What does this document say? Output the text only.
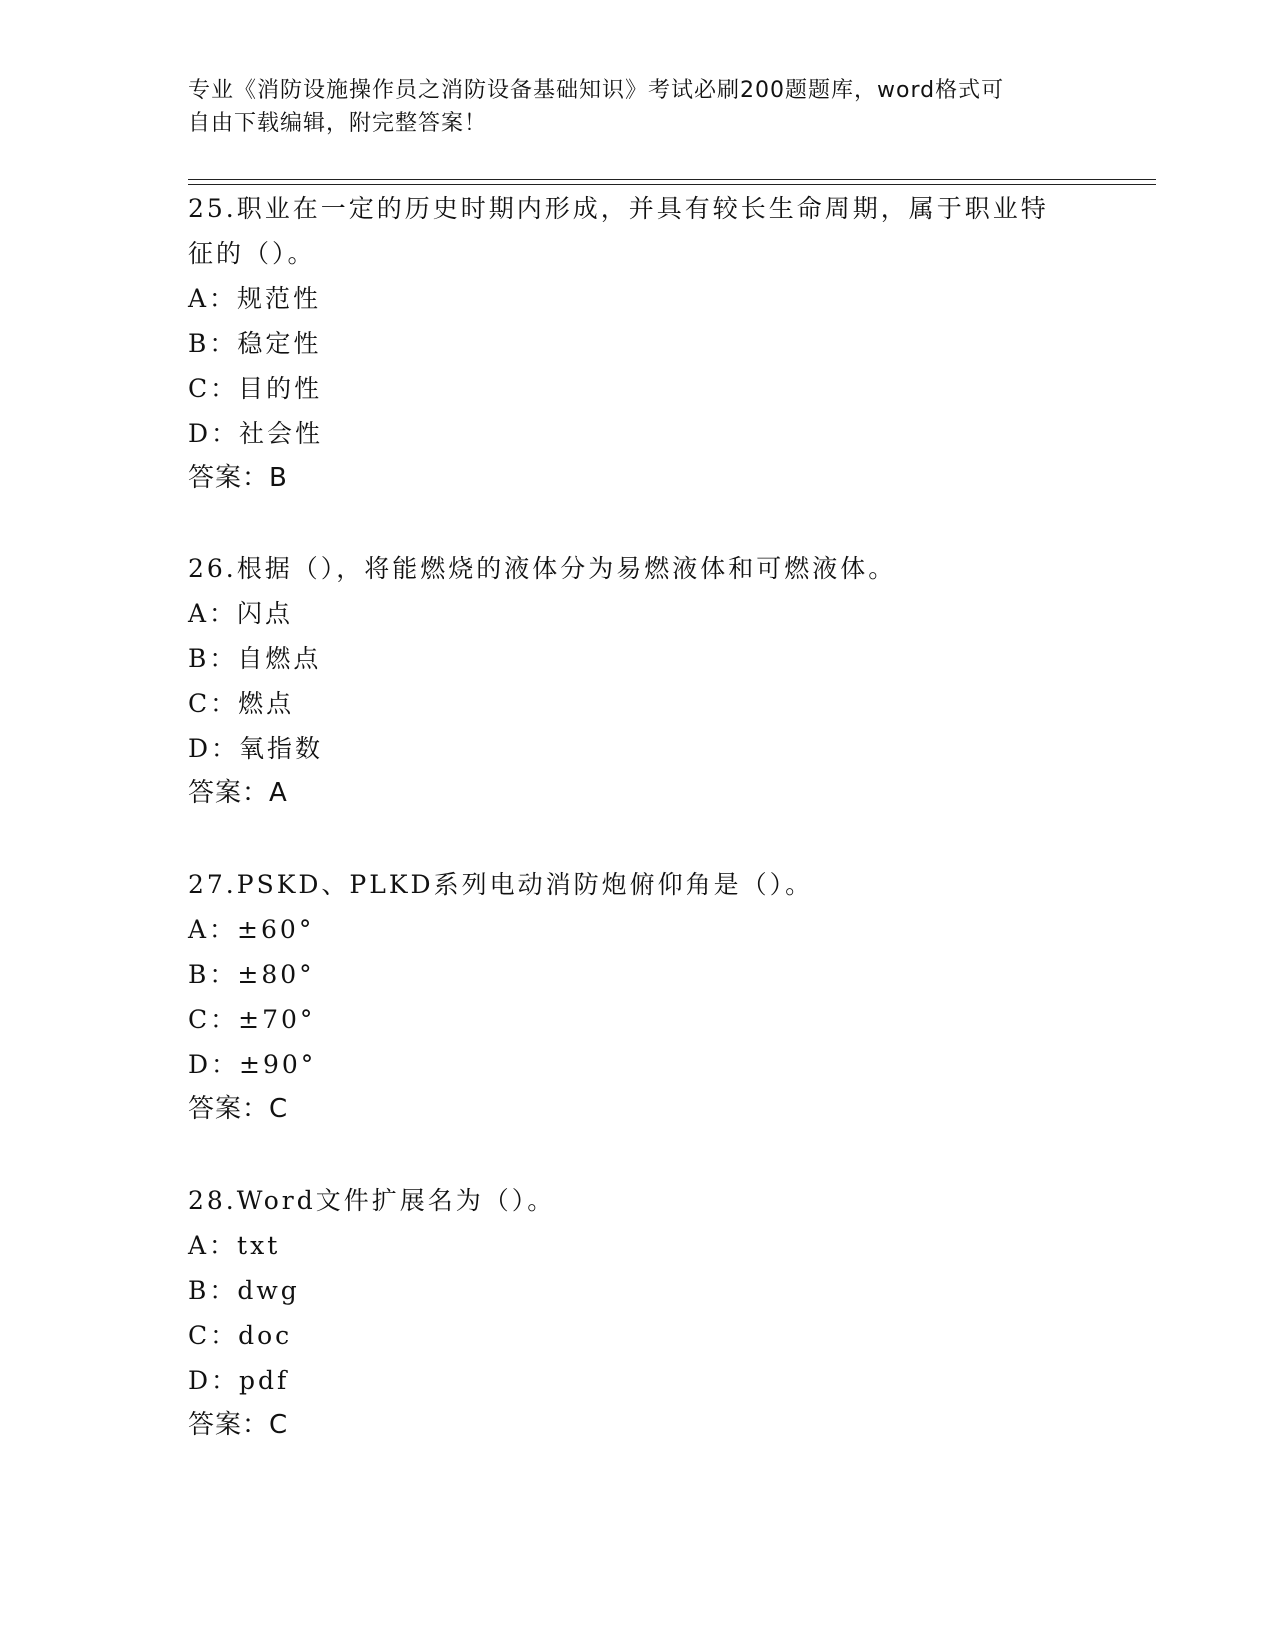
专业《消防设施操作员之消防设备基础知识》考试必刷200题题库，word格式可
自由下载编辑，附完整答案！
25.职业在一定的历史时期内形成，并具有较长生命周期，属于职业特
征的（）。
A：规范性
B：稳定性
C：目的性
D：社会性
答案：B
26.根据（），将能燃烧的液体分为易燃液体和可燃液体。
A：闪点
B：自燃点
C：燃点
D：氧指数
答案：A
27.PSKD、PLKD系列电动消防炮俯仰角是（）。
A：±60°
B：±80°
C：±70°
D：±90°
答案：C
28.Word文件扩展名为（）。
A：txt
B：dwg
C：doc
D：pdf
答案：C
